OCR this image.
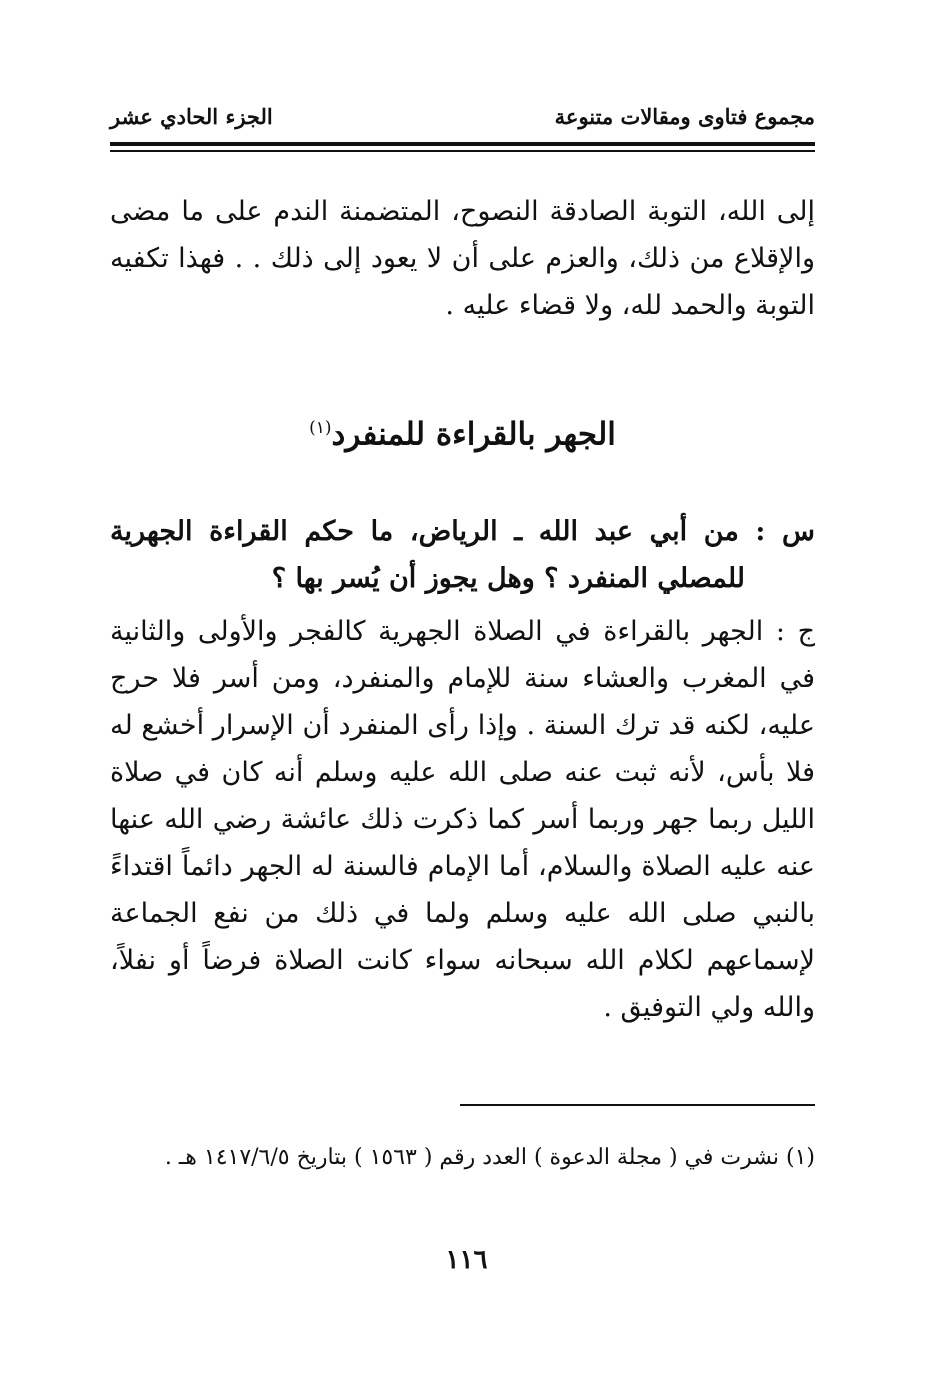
مجموع فتاوى ومقالات متنوعة
الجزء الحادي عشر

إلى الله، التوبة الصادقة النصوح، المتضمنة الندم على ما مضى والإقلاع من ذلك، والعزم على أن لا يعود إلى ذلك . . فهذا تكفيه التوبة والحمد لله، ولا قضاء عليه .

الجهر بالقراءة للمنفرد$^{(١)}$

س : من أبي عبد الله ـ الرياض، ما حكم القراءة الجهرية للمصلي المنفرد ؟ وهل يجوز أن يُسر بها ؟

ج : الجهر بالقراءة في الصلاة الجهرية كالفجر والأولى والثانية في المغرب والعشاء سنة للإمام والمنفرد، ومن أسر فلا حرج عليه، لكنه قد ترك السنة . وإذا رأى المنفرد أن الإسرار أخشع له فلا بأس، لأنه ثبت عنه صلى الله عليه وسلم أنه كان في صلاة الليل ربما جهر وربما أسر كما ذكرت ذلك عائشة رضي الله عنها عنه عليه الصلاة والسلام، أما الإمام فالسنة له الجهر دائماً اقتداءً بالنبي صلى الله عليه وسلم ولما في ذلك من نفع الجماعة لإسماعهم لكلام الله سبحانه سواء كانت الصلاة فرضاً أو نفلاً، والله ولي التوفيق .

(١) نشرت في ( مجلة الدعوة ) العدد رقم ( ١٥٦٣ ) بتاريخ ١٤١٧/٦/٥ هـ .

١١٦
